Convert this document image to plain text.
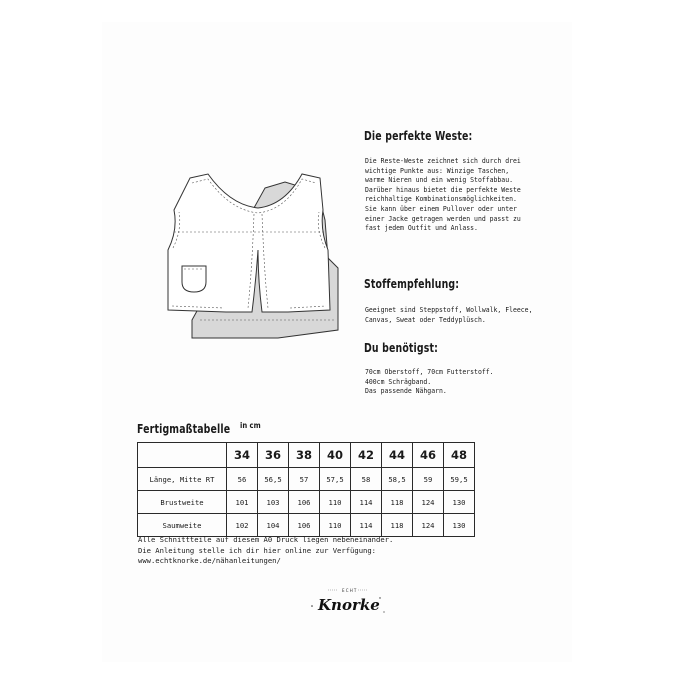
Die perfekte Weste:
Die Reste-Weste zeichnet sich durch drei
wichtige Punkte aus: Winzige Taschen,
warme Nieren und ein wenig Stoffabbau.
Darüber hinaus bietet die perfekte Weste
reichhaltige Kombinationsmöglichkeiten.
Sie kann über einem Pullover oder unter
einer Jacke getragen werden und passt zu
fast jedem Outfit und Anlass.
Stoffempfehlung:
Geeignet sind Steppstoff, Wollwalk, Fleece,
Canvas, Sweat oder Teddyplüsch.
Du benötigst:
70cm Oberstoff, 70cm Futterstoff.
400cm Schrägband.
Das passende Nähgarn.
Fertigmaßtabelle	in cm
	34	36	38	40	42	44	46	48
Länge, Mitte RT	56	56,5	57	57,5	58	58,5	59	59,5
Brustweite	101	103	106	110	114	118	124	130
Saumweite	102	104	106	110	114	118	124	130
Alle Schnittteile auf diesem A0 Druck liegen nebeneinander.
Die Anleitung stelle ich dir hier online zur Verfügung:
www.echtknorke.de/nähanleitungen/
ECHT
Knorke
